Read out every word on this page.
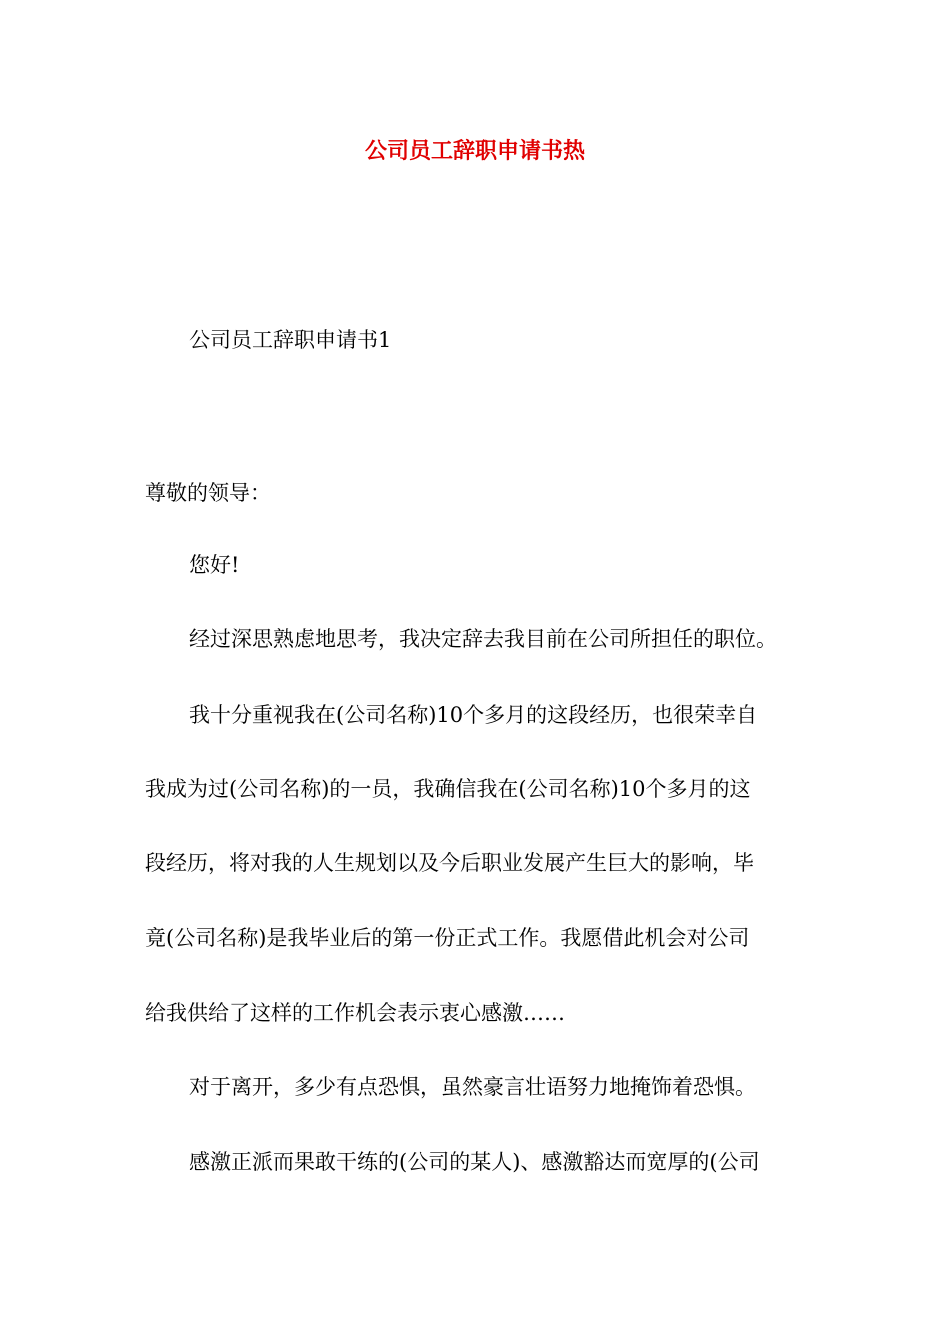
公司员工辞职申请书热
公司员工辞职申请书1
尊敬的领导：
您好!
经过深思熟虑地思考，我决定辞去我目前在公司所担任的职位。
我十分重视我在(公司名称)10个多月的这段经历，也很荣幸自
我成为过(公司名称)的一员，我确信我在(公司名称)10个多月的这
段经历，将对我的人生规划以及今后职业发展产生巨大的影响，毕
竟(公司名称)是我毕业后的第一份正式工作。我愿借此机会对公司
给我供给了这样的工作机会表示衷心感激……
对于离开，多少有点恐惧，虽然豪言壮语努力地掩饰着恐惧。
感激正派而果敢干练的(公司的某人)、感激豁达而宽厚的(公司
